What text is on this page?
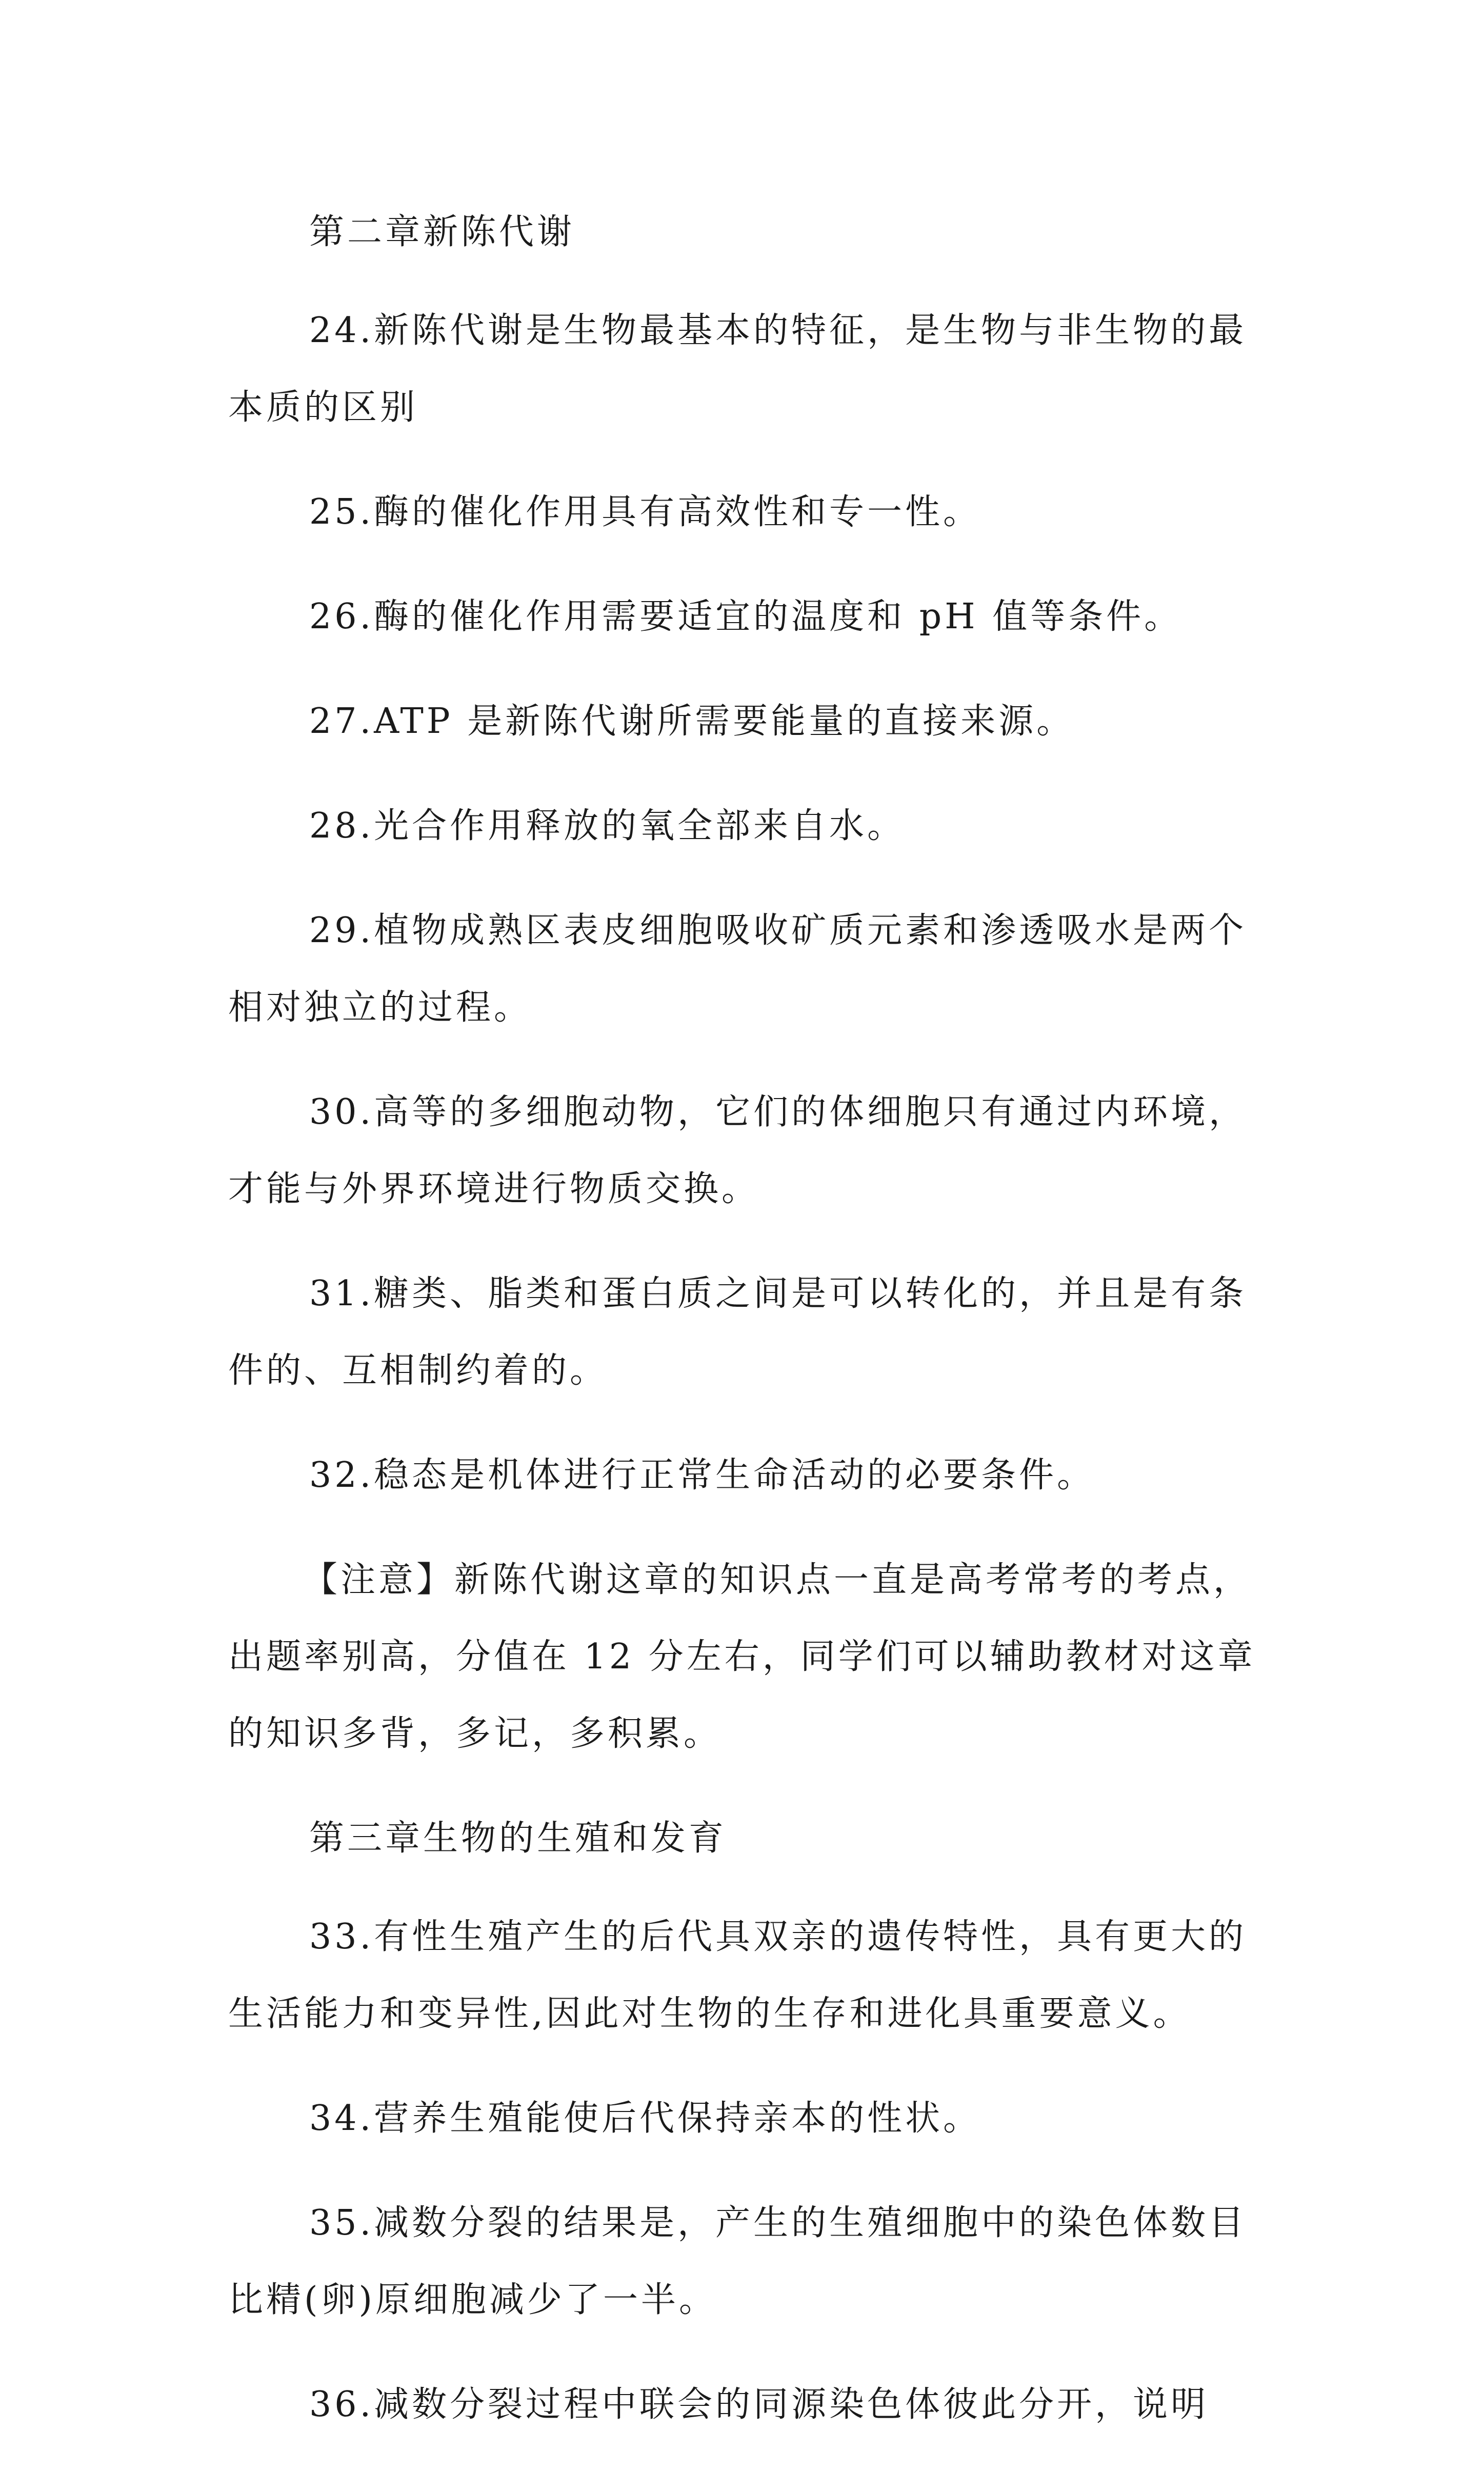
第二章新陈代谢

24.新陈代谢是生物最基本的特征，是生物与非生物的最本质的区别

25.酶的催化作用具有高效性和专一性。

26.酶的催化作用需要适宜的温度和 pH 值等条件。

27.ATP 是新陈代谢所需要能量的直接来源。

28.光合作用释放的氧全部来自水。

29.植物成熟区表皮细胞吸收矿质元素和渗透吸水是两个相对独立的过程。

30.高等的多细胞动物，它们的体细胞只有通过内环境，才能与外界环境进行物质交换。

31.糖类、脂类和蛋白质之间是可以转化的，并且是有条件的、互相制约着的。

32.稳态是机体进行正常生命活动的必要条件。

【注意】新陈代谢这章的知识点一直是高考常考的考点，出题率别高，分值在 12 分左右，同学们可以辅助教材对这章的知识多背，多记，多积累。

第三章生物的生殖和发育

33.有性生殖产生的后代具双亲的遗传特性，具有更大的生活能力和变异性,因此对生物的生存和进化具重要意义。

34.营养生殖能使后代保持亲本的性状。

35.减数分裂的结果是，产生的生殖细胞中的染色体数目比精(卵)原细胞减少了一半。

36.减数分裂过程中联会的同源染色体彼此分开，说明
